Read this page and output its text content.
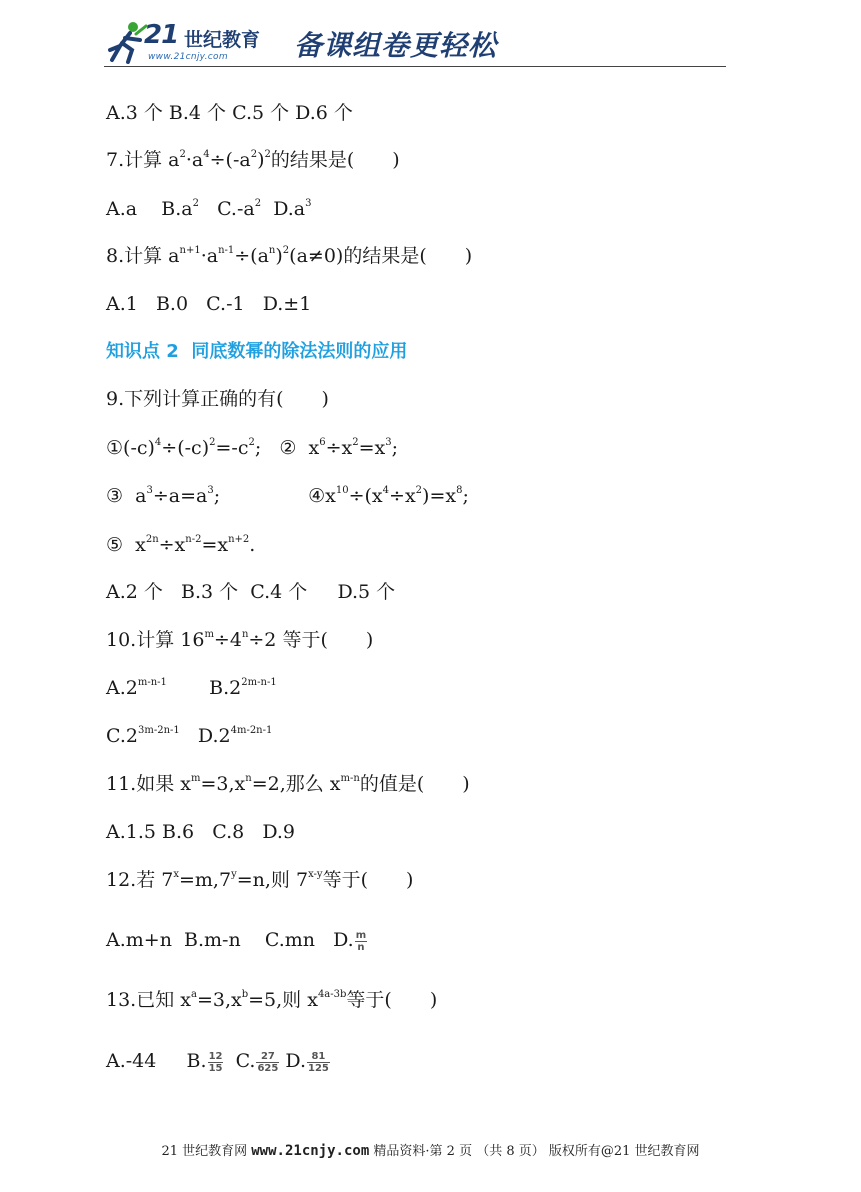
21 世纪教育
www.21cnjy.com 备课组卷更轻松
A.3 个 B.4 个 C.5 个 D.6 个
7.计算 $a^2\cdot a^4\div(-a^2)^2$的结果是(　　)
A.a    $B.a^2$   $C.-a^2$  $D.a^3$
8.计算 $a^{n+1}\cdot a^{n-1}\div(a^n)^2(a\ne 0)$的结果是(　　)
A.1   B.0   C.-1   D.±1
知识点 2  同底数幂的除法法则的应用
9.下列计算正确的有(　　)
$①(-c)^4\div(-c)^2=-c^2$;   ②  $x^6\div x^2=x^3$;
③  $a^3\div a=a^3$;	$④x^{10}\div(x^4\div x^2)=x^8$;
⑤  $x^{2n}\div x^{n-2}=x^{n+2}$.
A.2 个   B.3 个  C.4 个     D.5 个
10.计算 $16^m\div 4^n\div 2$ 等于(　　)
A.2$^{m-n-1}$       $B.2^{2m-n-1}$
$C.2^{3m-2n-1}$   $D.2^{4m-2n-1}$
11.如果 $x^m=3,x^n=2$,那么 $x^{m-n}$的值是(　　)
A.1.5 B.6   C.8   D.9
12.若 $7^x=m,7^y=n$,则 7$^{x-y}$等于(　　)
A.m+n  B.m-n    C.mn   D. $\frac{m}{n}$
13.已知 $x^a=3,x^b=5$,则 $x^{4a-3b}$等于(　　)
A.-44     B. $\frac{12}{15} C$. $\frac{27}{625} D$. $\frac{81}{125}$
21 世纪教育网 www.21cnjy.com 精品资料·第 2 页 （共 8 页） 版权所有@21 世纪教育网
